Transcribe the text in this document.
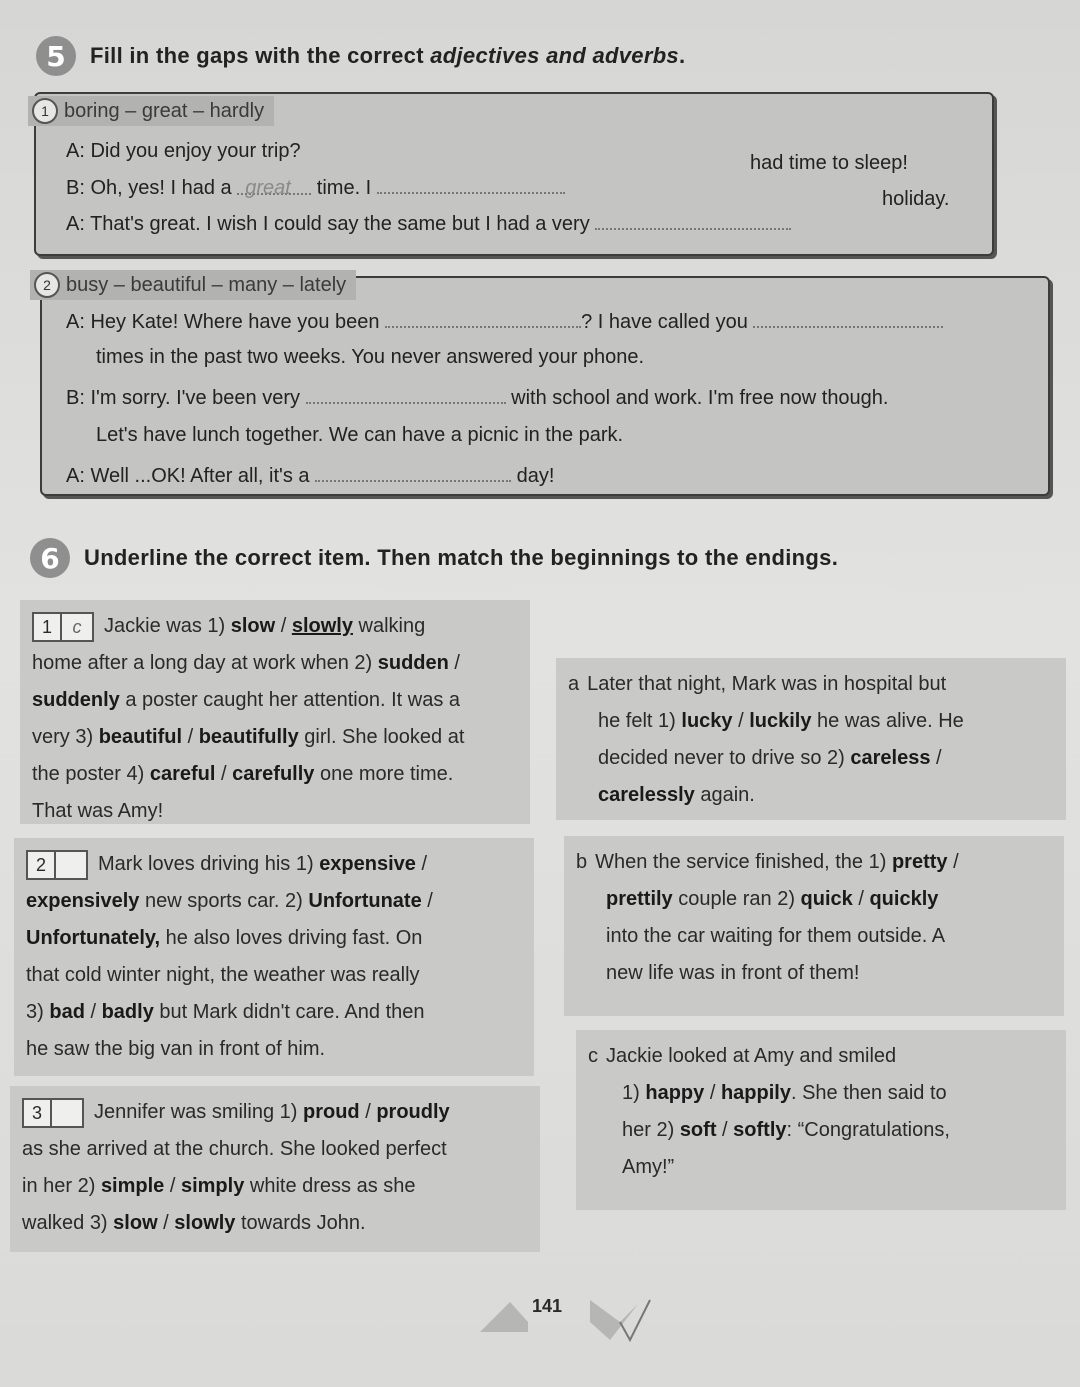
5	Fill in the gaps with the correct adjectives and adverbs.
1 boring – great – hardly
A: Did you enjoy your trip?
B: Oh, yes! I had a great time. I
had time to sleep!
A: That's great. I wish I could say the same but I had a very
holiday.
2 busy – beautiful – many – lately
A: Hey Kate! Where have you been	? I have called you
times in the past two weeks. You never answered your phone.
B: I'm sorry. I've been very	with school and work. I'm free now though.
Let's have lunch together. We can have a picnic in the park.
A: Well ...OK! After all, it's a	day!
6	Underline the correct item. Then match the beginnings to the endings.
1	c	Jackie was 1) slow / slowly walking
home after a long day at work when 2) sudden /
suddenly a poster caught her attention. It was a
very 3) beautiful / beautifully girl. She looked at
the poster 4) careful / carefully one more time.
That was Amy!
a Later that night, Mark was in hospital but
he felt 1) lucky / luckily he was alive. He
decided never to drive so 2) careless /
carelessly again.
2	Mark loves driving his 1) expensive /
expensively new sports car. 2) Unfortunate /
Unfortunately, he also loves driving fast. On
that cold winter night, the weather was really
3) bad / badly but Mark didn't care. And then
he saw the big van in front of him.
b When the service finished, the 1) pretty /
prettily couple ran 2) quick / quickly
into the car waiting for them outside. A
new life was in front of them!
c Jackie looked at Amy and smiled
1) happy / happily. She then said to
her 2) soft / softly: “Congratulations,
Amy!”
3	Jennifer was smiling 1) proud / proudly
as she arrived at the church. She looked perfect
in her 2) simple / simply white dress as she
walked 3) slow / slowly towards John.
141
